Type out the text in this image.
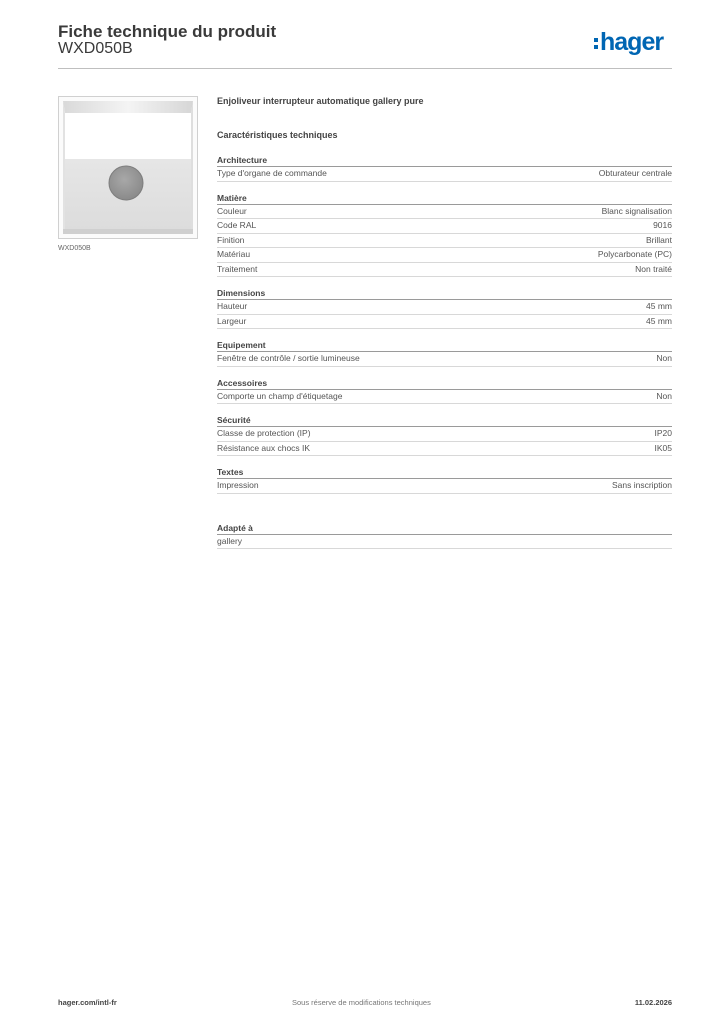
Fiche technique du produit
WXD050B	hager
WXD050B
Enjoliveur interrupteur automatique gallery pure
Caractéristiques techniques
Architecture
Type d'organe de commande	Obturateur centrale
Matière
Couleur	Blanc signalisation
Code RAL	9016
Finition	Brillant
Matériau	Polycarbonate (PC)
Traitement	Non traité
Dimensions
Hauteur	45 mm
Largeur	45 mm
Equipement
Fenêtre de contrôle / sortie lumineuse	Non
Accessoires
Comporte un champ d'étiquetage	Non
Sécurité
Classe de protection (IP)	IP20
Résistance aux chocs IK	IK05
Textes
Impression	Sans inscription
Adapté à
gallery
hager.com/intl-fr	Sous réserve de modifications techniques	11.02.2026
